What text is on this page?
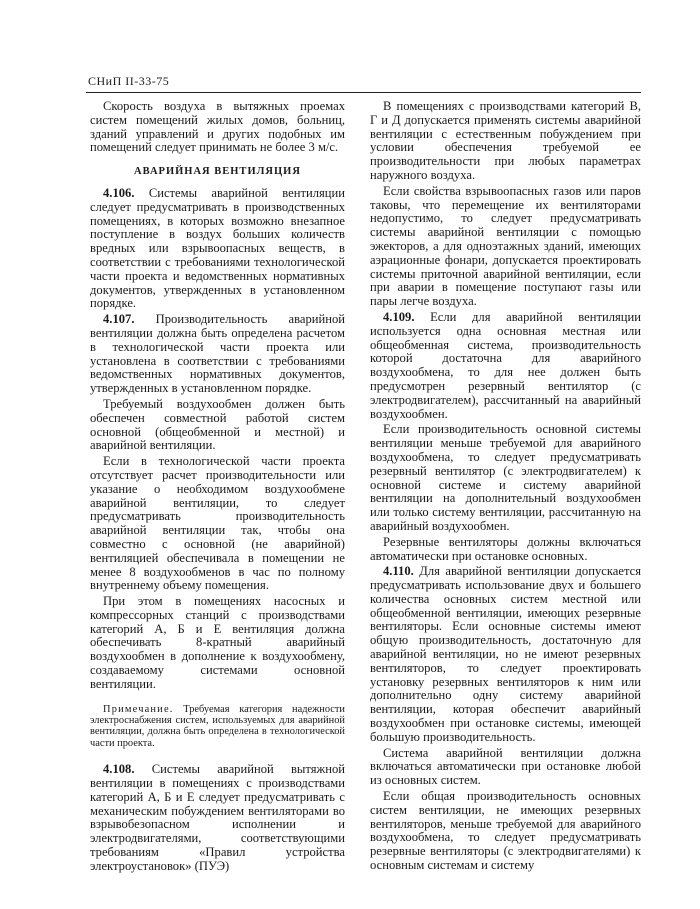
СНиП II-33-75

Скорость воздуха в вытяжных проемах систем помещений жилых домов, больниц, зданий управлений и других подобных им помещений следует принимать не более 3 м/с.

АВАРИЙНАЯ ВЕНТИЛЯЦИЯ

4.106. Системы аварийной вентиляции следует предусматривать в производственных помещениях, в которых возможно внезапное поступление в воздух больших количеств вредных или взрывоопасных веществ, в соответствии с требованиями технологической части проекта и ведомственных нормативных документов, утвержденных в установленном порядке.

4.107. Производительность аварийной вентиляции должна быть определена расчетом в технологической части проекта или установлена в соответствии с требованиями ведомственных нормативных документов, утвержденных в установленном порядке.

Требуемый воздухообмен должен быть обеспечен совместной работой систем основной (общеобменной и местной) и аварийной вентиляции.

Если в технологической части проекта отсутствует расчет производительности или указание о необходимом воздухообмене аварийной вентиляции, то следует предусматривать производительность аварийной вентиляции так, чтобы она совместно с основной (не аварийной) вентиляцией обеспечивала в помещении не менее 8 воздухообменов в час по полному внутреннему объему помещения.

При этом в помещениях насосных и компрессорных станций с производствами категорий А, Б и Е вентиляция должна обеспечивать 8-кратный аварийный воздухообмен в дополнение к воздухообмену, создаваемому системами основной вентиляции.

Примечание. Требуемая категория надежности электроснабжения систем, используемых для аварийной вентиляции, должна быть определена в технологической части проекта.

4.108. Системы аварийной вытяжной вентиляции в помещениях с производствами категорий А, Б и Е следует предусматривать с механическим побуждением вентиляторами во взрывобезопасном исполнении и электродвигателями, соответствующими требованиям «Правил устройства электроустановок» (ПУЭ)

В помещениях с производствами категорий В, Г и Д допускается применять системы аварийной вентиляции с естественным побуждением при условии обеспечения требуемой ее производительности при любых параметрах наружного воздуха.

Если свойства взрывоопасных газов или паров таковы, что перемещение их вентиляторами недопустимо, то следует предусматривать системы аварийной вентиляции с помощью эжекторов, а для одноэтажных зданий, имеющих аэрационные фонари, допускается проектировать системы приточной аварийной вентиляции, если при аварии в помещение поступают газы или пары легче воздуха.

4.109. Если для аварийной вентиляции используется одна основная местная или общеобменная система, производительность которой достаточна для аварийного воздухообмена, то для нее должен быть предусмотрен резервный вентилятор (с электродвигателем), рассчитанный на аварийный воздухообмен.

Если производительность основной системы вентиляции меньше требуемой для аварийного воздухообмена, то следует предусматривать резервный вентилятор (с электродвигателем) к основной системе и систему аварийной вентиляции на дополнительный воздухообмен или только систему вентиляции, рассчитанную на аварийный воздухообмен.

Резервные вентиляторы должны включаться автоматически при остановке основных.

4.110. Для аварийной вентиляции допускается предусматривать использование двух и большего количества основных систем местной или общеобменной вентиляции, имеющих резервные вентиляторы. Если основные системы имеют общую производительность, достаточную для аварийной вентиляции, но не имеют резервных вентиляторов, то следует проектировать установку резервных вентиляторов к ним или дополнительно одну систему аварийной вентиляции, которая обеспечит аварийный воздухообмен при остановке системы, имеющей большую производительность.

Система аварийной вентиляции должна включаться автоматически при остановке любой из основных систем.

Если общая производительность основных систем вентиляции, не имеющих резервных вентиляторов, меньше требуемой для аварийного воздухообмена, то следует предусматривать резервные вентиляторы (с электродвигателями) к основным системам и систему
